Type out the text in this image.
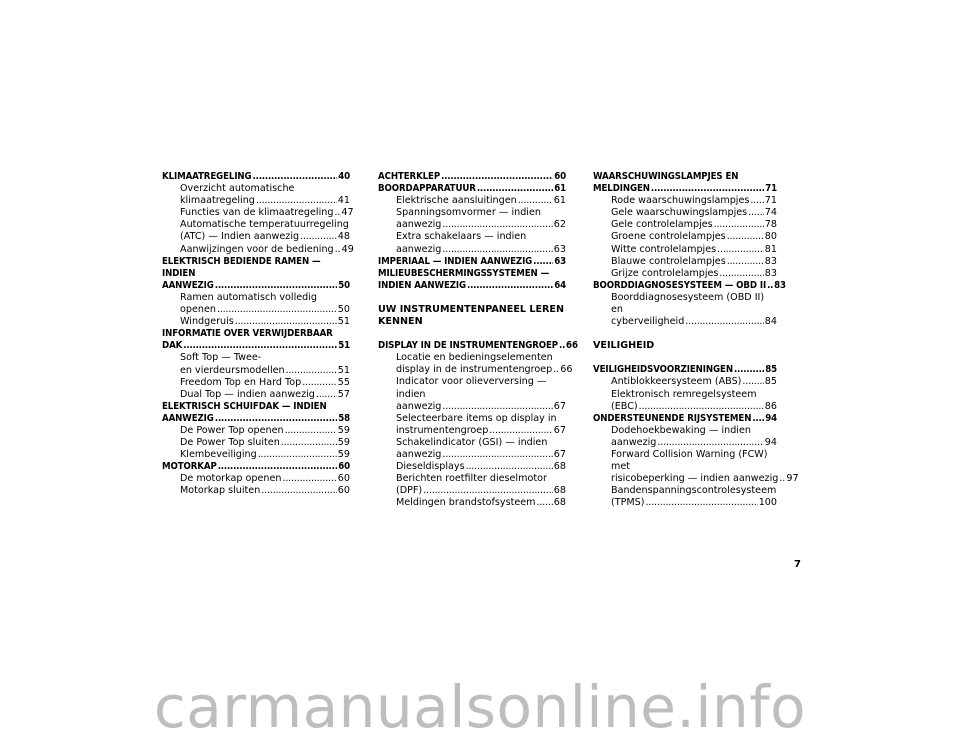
KLIMAATREGELING .....	40
Overzicht automatische
klimaatregeling .....	41
Functies van de klimaatregeling ..... 47
Automatische temperatuurregeling
(ATC) — Indien aanwezig .....	48
Aanwijzingen voor de bediening ..... 49
ELEKTRISCH BEDIENDE RAMEN — INDIEN
AANWEZIG .....	50
Ramen automatisch volledig
openen .....	50
Windgeruis .....	51
INFORMATIE OVER VERWIJDERBAAR
DAK .....	51
Soft Top — Twee-
en vierdeursmodellen .....	51
Freedom Top en Hard Top .....	55
Dual Top — indien aanwezig ..... 57
ELEKTRISCH SCHUIFDAK — INDIEN
AANWEZIG .....	58
De Power Top openen .....	59
De Power Top sluiten .....	59
Klembeveiliging .....	59
MOTORKAP .....	60
De motorkap openen .....	60
Motorkap sluiten .....	60
ACHTERKLEP .....	60
BOORDAPPARATUUR .....	61
Elektrische aansluitingen .....	61
Spanningsomvormer — indien
aanwezig .....	62
Extra schakelaars — indien
aanwezig .....	63
IMPERIAAL — INDIEN AANWEZIG ..... 63
MILIEUBESCHERMINGSSYSTEMEN —
INDIEN AANWEZIG .....	64
UW INSTRUMENTENPANEEL LEREN KENNEN
DISPLAY IN DE INSTRUMENTENGROEP ..... 66
Locatie en bedieningselementen
display in de instrumentengroep ..... 66
Indicator voor olieverversing — indien
aanwezig .....	67
Selecteerbare items op display in
instrumentengroep .....	67
Schakelindicator (GSI) — indien
aanwezig .....	67
Dieseldisplays .....	68
Berichten roetfilter dieselmotor
(DPF) .....	68
Meldingen brandstofsysteem ..... 68
WAARSCHUWINGSLAMPJES EN
MELDINGEN .....	71
Rode waarschuwingslampjes ..... 71
Gele waarschuwingslampjes ..... 74
Gele controlelampjes .....	78
Groene controlelampjes .....	80
Witte controlelampjes .....	81
Blauwe controlelampjes .....	83
Grijze controlelampjes .....	83
BOORDDIAGNOSESYSTEEM — OBD II ..... 83
Boorddiagnosesysteem (OBD II) en
cyberveiligheid .....	84
VEILIGHEID
VEILIGHEIDSVOORZIENINGEN .....	85
Antiblokkeersysteem (ABS) ..... 85
Elektronisch remregelsysteem
(EBC) .....	86
ONDERSTEUNENDE RIJSYSTEMEN ..... 94
Dodehoekbewaking — indien
aanwezig .....	94
Forward Collision Warning (FCW) met
risicobeperking — indien aanwezig ..... 97
Bandenspanningscontrolesysteem
(TPMS) .....	100
7
carmanualsonline.info
